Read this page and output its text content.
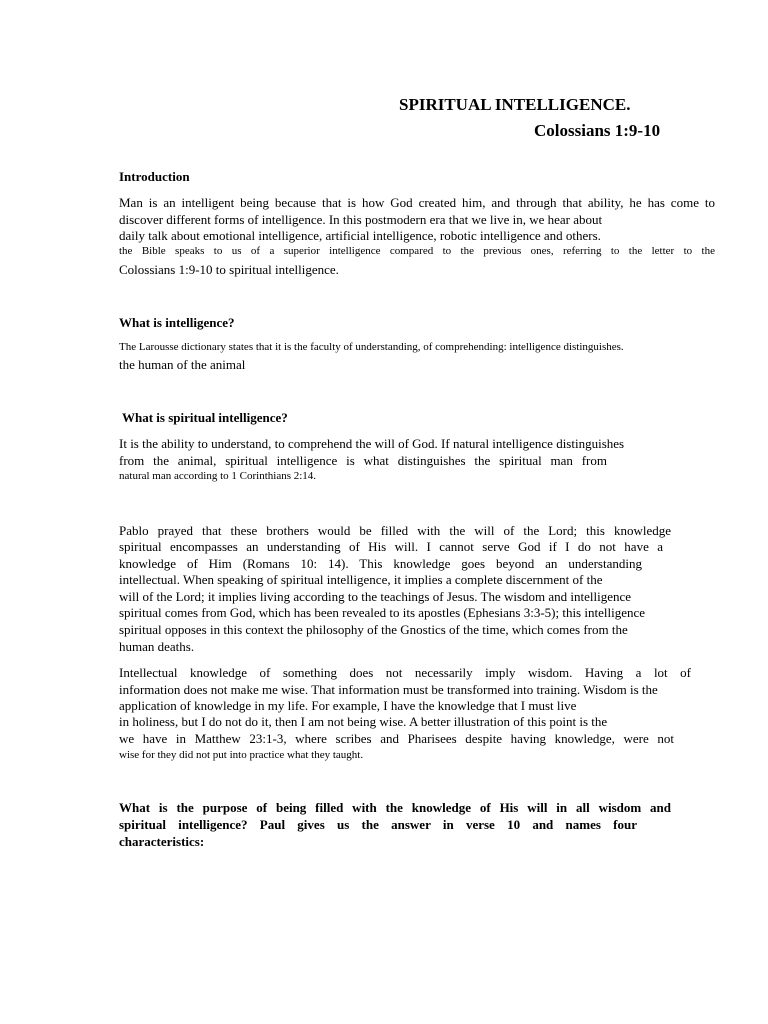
SPIRITUAL INTELLIGENCE.
Colossians 1:9-10
Introduction
Man is an intelligent being because that is how God created him, and through that ability, he has come to
discover different forms of intelligence. In this postmodern era that we live in, we hear about
daily talk about emotional intelligence, artificial intelligence, robotic intelligence and others.
the Bible speaks to us of a superior intelligence compared to the previous ones, referring to the letter to the
Colossians 1:9-10 to spiritual intelligence.
What is intelligence?
The Larousse dictionary states that it is the faculty of understanding, of comprehending: intelligence distinguishes.
the human of the animal
What is spiritual intelligence?
It is the ability to understand, to comprehend the will of God. If natural intelligence distinguishes
from the animal, spiritual intelligence is what distinguishes the spiritual man from
natural man according to 1 Corinthians 2:14.
Pablo prayed that these brothers would be filled with the will of the Lord; this knowledge
spiritual encompasses an understanding of His will. I cannot serve God if I do not have a
knowledge of Him (Romans 10: 14). This knowledge goes beyond an understanding
intellectual. When speaking of spiritual intelligence, it implies a complete discernment of the
will of the Lord; it implies living according to the teachings of Jesus. The wisdom and intelligence
spiritual comes from God, which has been revealed to its apostles (Ephesians 3:3-5); this intelligence
spiritual opposes in this context the philosophy of the Gnostics of the time, which comes from the
human deaths.
Intellectual knowledge of something does not necessarily imply wisdom. Having a lot of
information does not make me wise. That information must be transformed into training. Wisdom is the
application of knowledge in my life. For example, I have the knowledge that I must live
in holiness, but I do not do it, then I am not being wise. A better illustration of this point is the
we have in Matthew 23:1-3, where scribes and Pharisees despite having knowledge, were not
wise for they did not put into practice what they taught.
What is the purpose of being filled with the knowledge of His will in all wisdom and
spiritual intelligence? Paul gives us the answer in verse 10 and names four
characteristics:
